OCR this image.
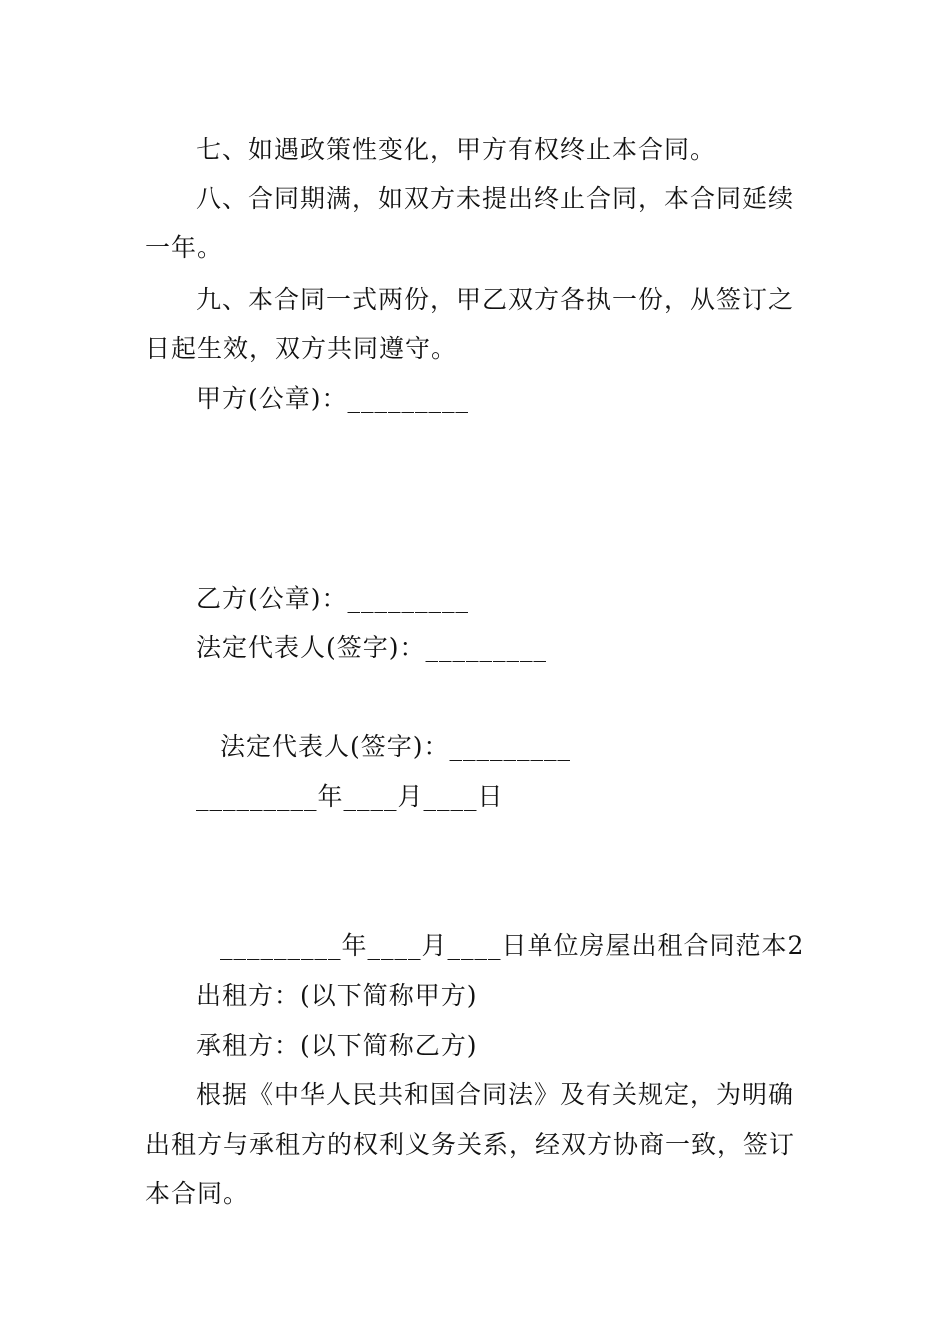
七、如遇政策性变化，甲方有权终止本合同。
八、合同期满，如双方未提出终止合同，本合同延续
一年。
九、本合同一式两份，甲乙双方各执一份，从签订之
日起生效，双方共同遵守。
甲方(公章)：_________
乙方(公章)：_________
法定代表人(签字)：_________
法定代表人(签字)：_________
_________年____月____日
_________年____月____日单位房屋出租合同范本2
出租方：(以下简称甲方)
承租方：(以下简称乙方)
根据《中华人民共和国合同法》及有关规定，为明确
出租方与承租方的权利义务关系，经双方协商一致，签订
本合同。
